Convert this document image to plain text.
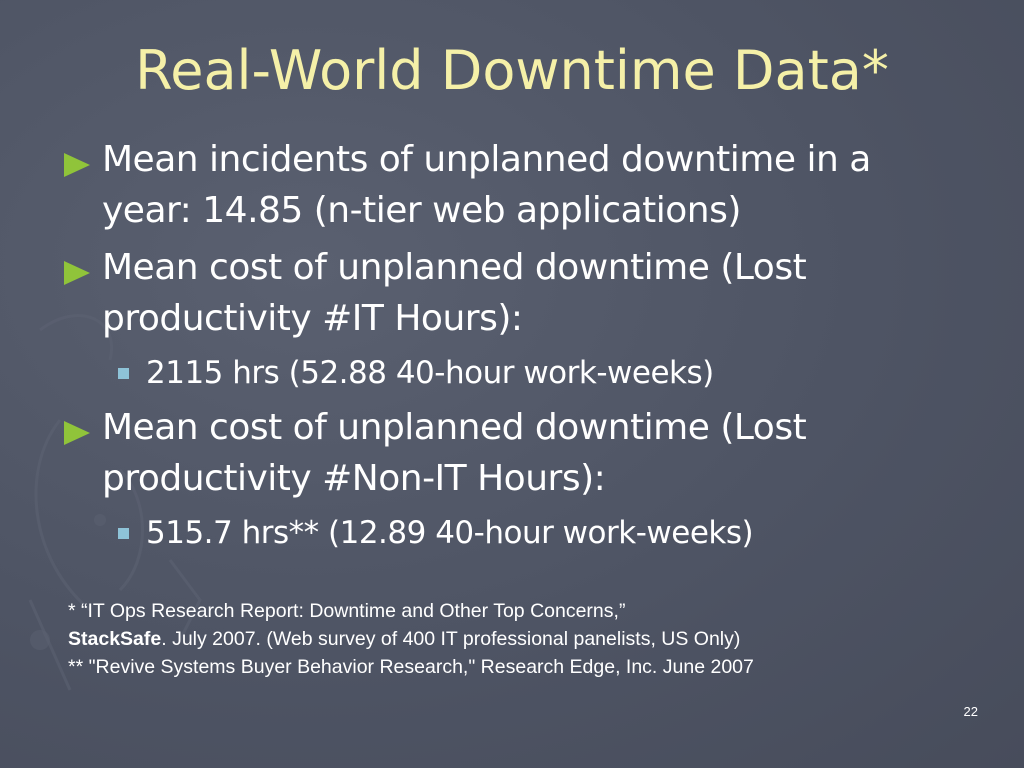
Real-World Downtime Data*
Mean incidents of unplanned downtime in a year: 14.85 (n-tier web applications)
Mean cost of unplanned downtime (Lost productivity #IT Hours):
2115 hrs (52.88 40-hour work-weeks)
Mean cost of unplanned downtime (Lost productivity #Non-IT Hours):
515.7 hrs** (12.89 40-hour work-weeks)
* “IT Ops Research Report: Downtime and Other Top Concerns,”
StackSafe. July 2007. (Web survey of 400 IT professional panelists, US Only)
** "Revive Systems Buyer Behavior Research," Research Edge, Inc. June 2007
22
